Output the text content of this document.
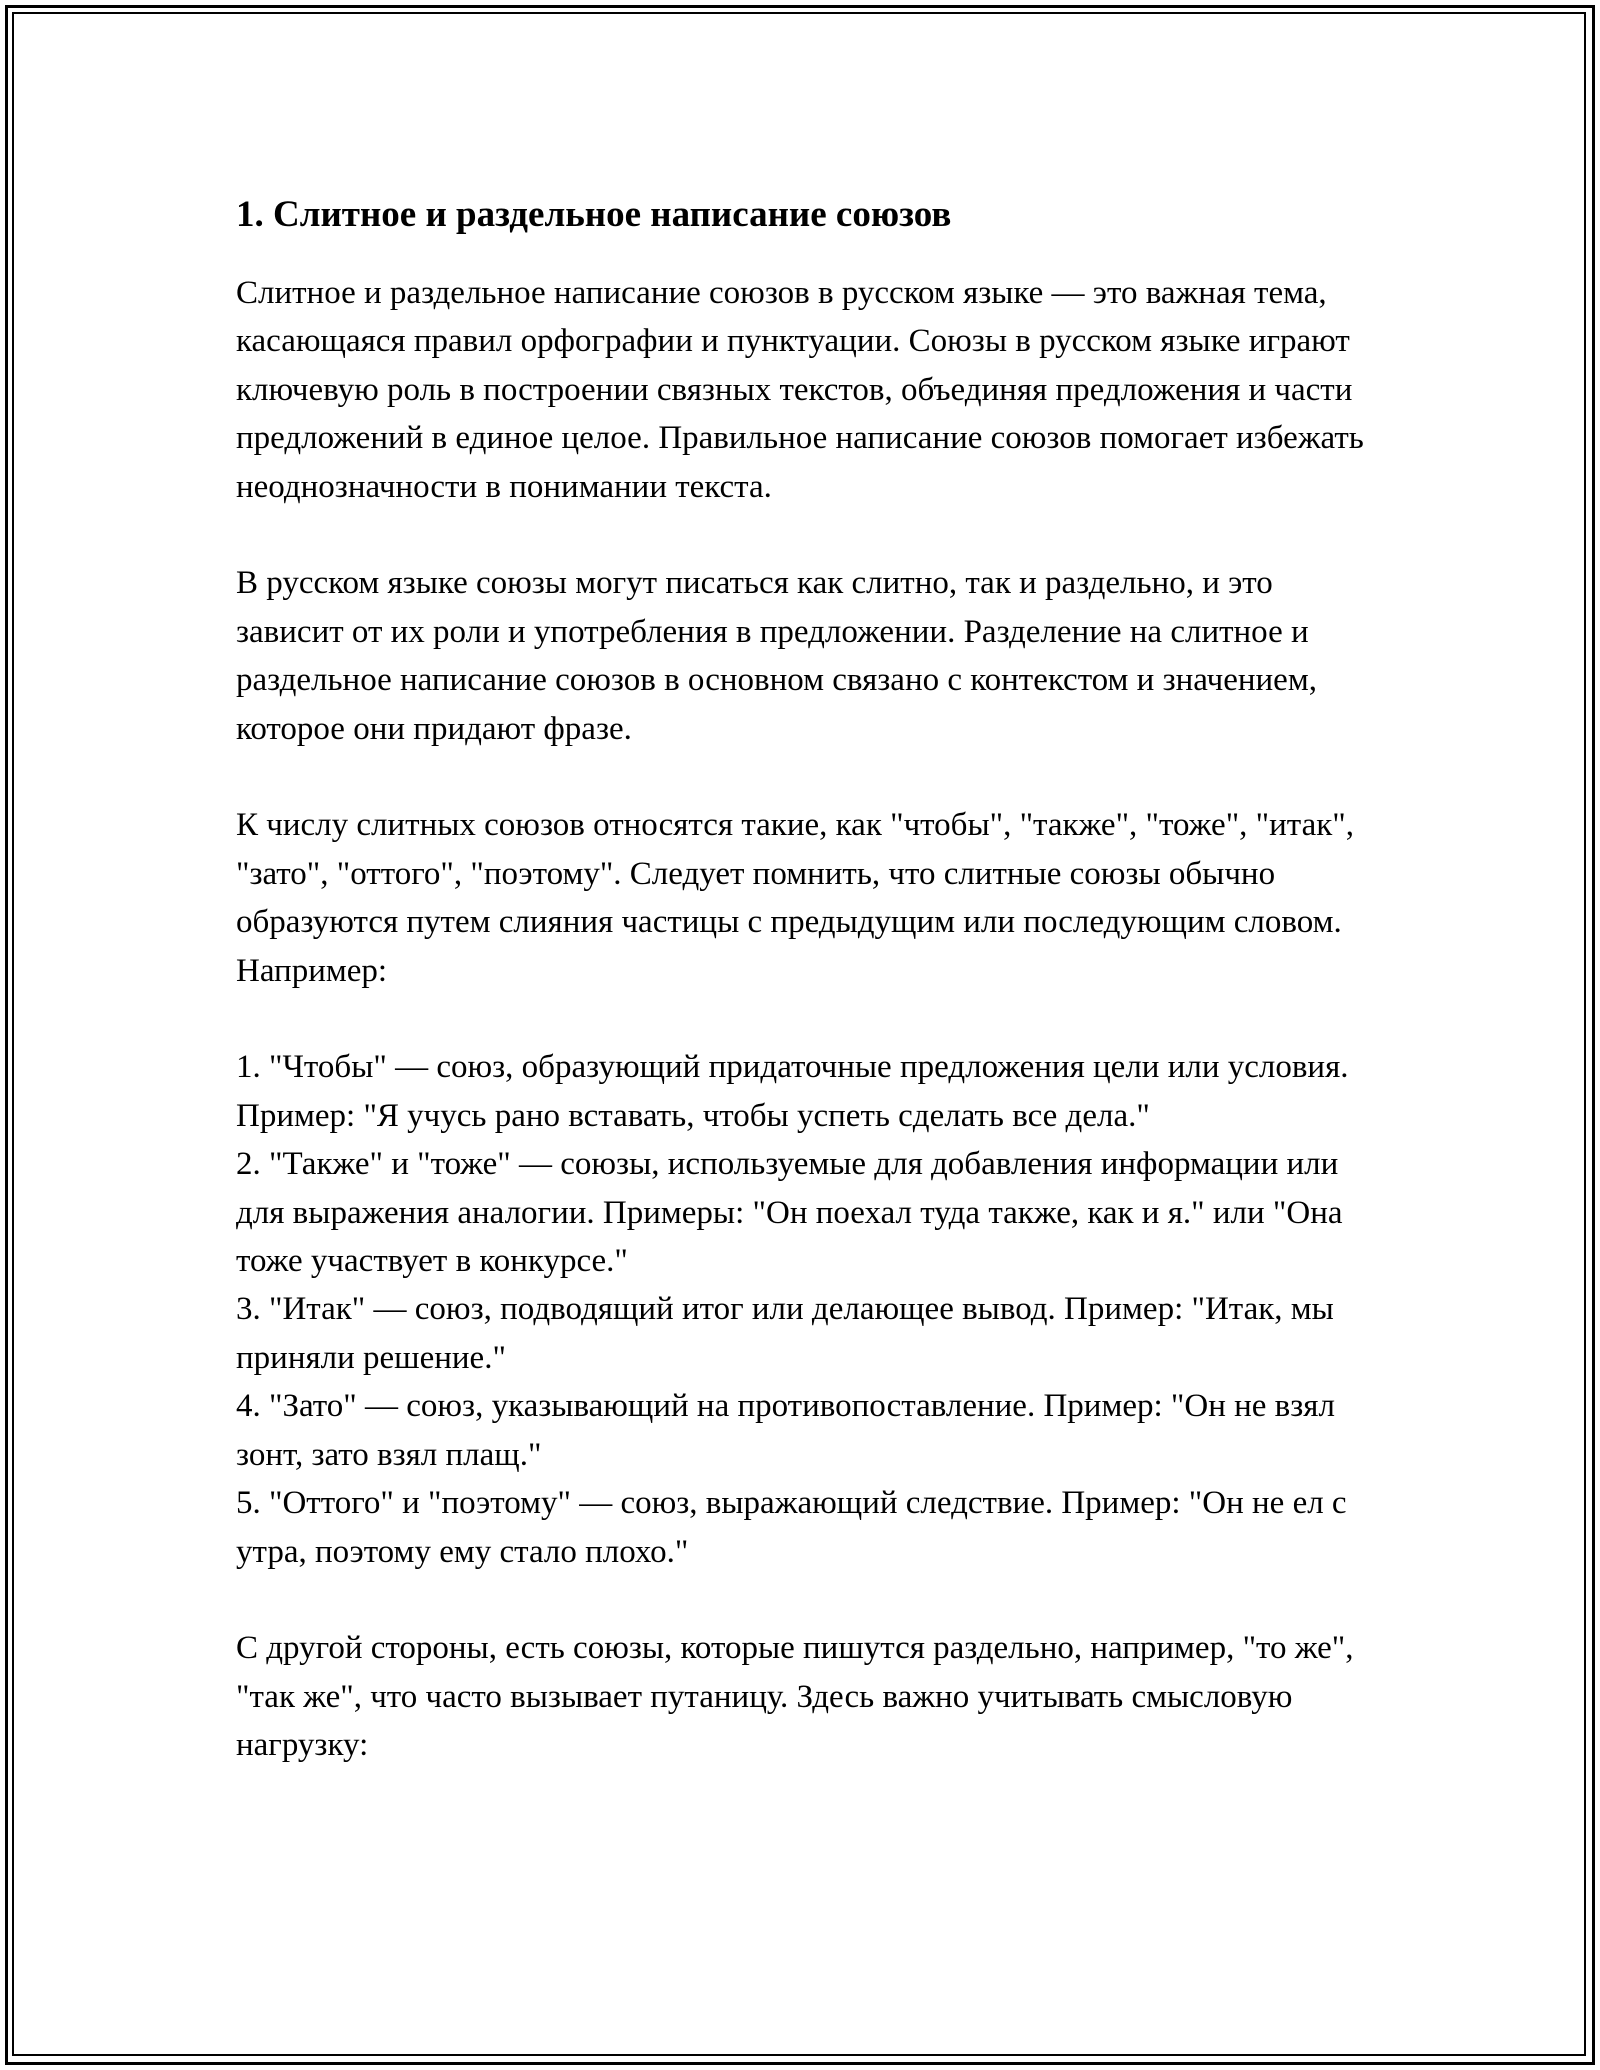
1. Слитное и раздельное написание союзов

Слитное и раздельное написание союзов в русском языке — это важная тема, касающаяся правил орфографии и пунктуации. Союзы в русском языке играют ключевую роль в построении связных текстов, объединяя предложения и части предложений в единое целое. Правильное написание союзов помогает избежать неоднозначности в понимании текста.

В русском языке союзы могут писаться как слитно, так и раздельно, и это зависит от их роли и употребления в предложении. Разделение на слитное и раздельное написание союзов в основном связано с контекстом и значением, которое они придают фразе.

К числу слитных союзов относятся такие, как "чтобы", "также", "тоже", "итак", "зато", "оттого", "поэтому". Следует помнить, что слитные союзы обычно образуются путем слияния частицы с предыдущим или последующим словом. Например:

1. "Чтобы" — союз, образующий придаточные предложения цели или условия. Пример: "Я учусь рано вставать, чтобы успеть сделать все дела."

2. "Также" и "тоже" — союзы, используемые для добавления информации или для выражения аналогии. Примеры: "Он поехал туда также, как и я." или "Она тоже участвует в конкурсе."

3. "Итак" — союз, подводящий итог или делающее вывод. Пример: "Итак, мы приняли решение."

4. "Зато" — союз, указывающий на противопоставление. Пример: "Он не взял зонт, зато взял плащ."

5. "Оттого" и "поэтому" — союз, выражающий следствие. Пример: "Он не ел с утра, поэтому ему стало плохо."

С другой стороны, есть союзы, которые пишутся раздельно, например, "то же", "так же", что часто вызывает путаницу. Здесь важно учитывать смысловую нагрузку:
